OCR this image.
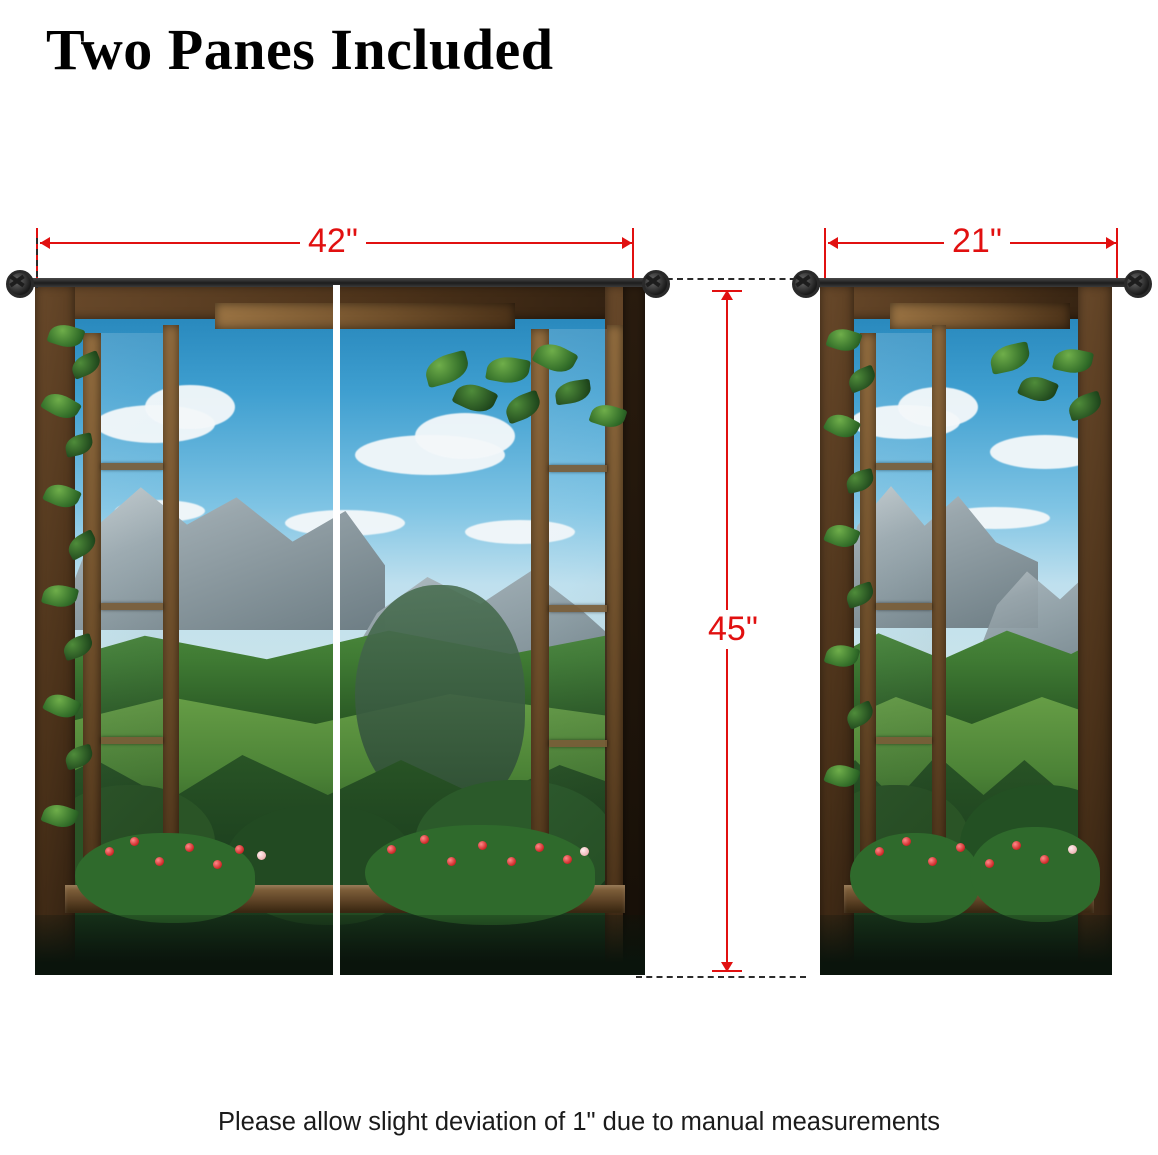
Two Panes Included
42"	21"
45"
Please allow slight deviation of 1" due to manual measurements
